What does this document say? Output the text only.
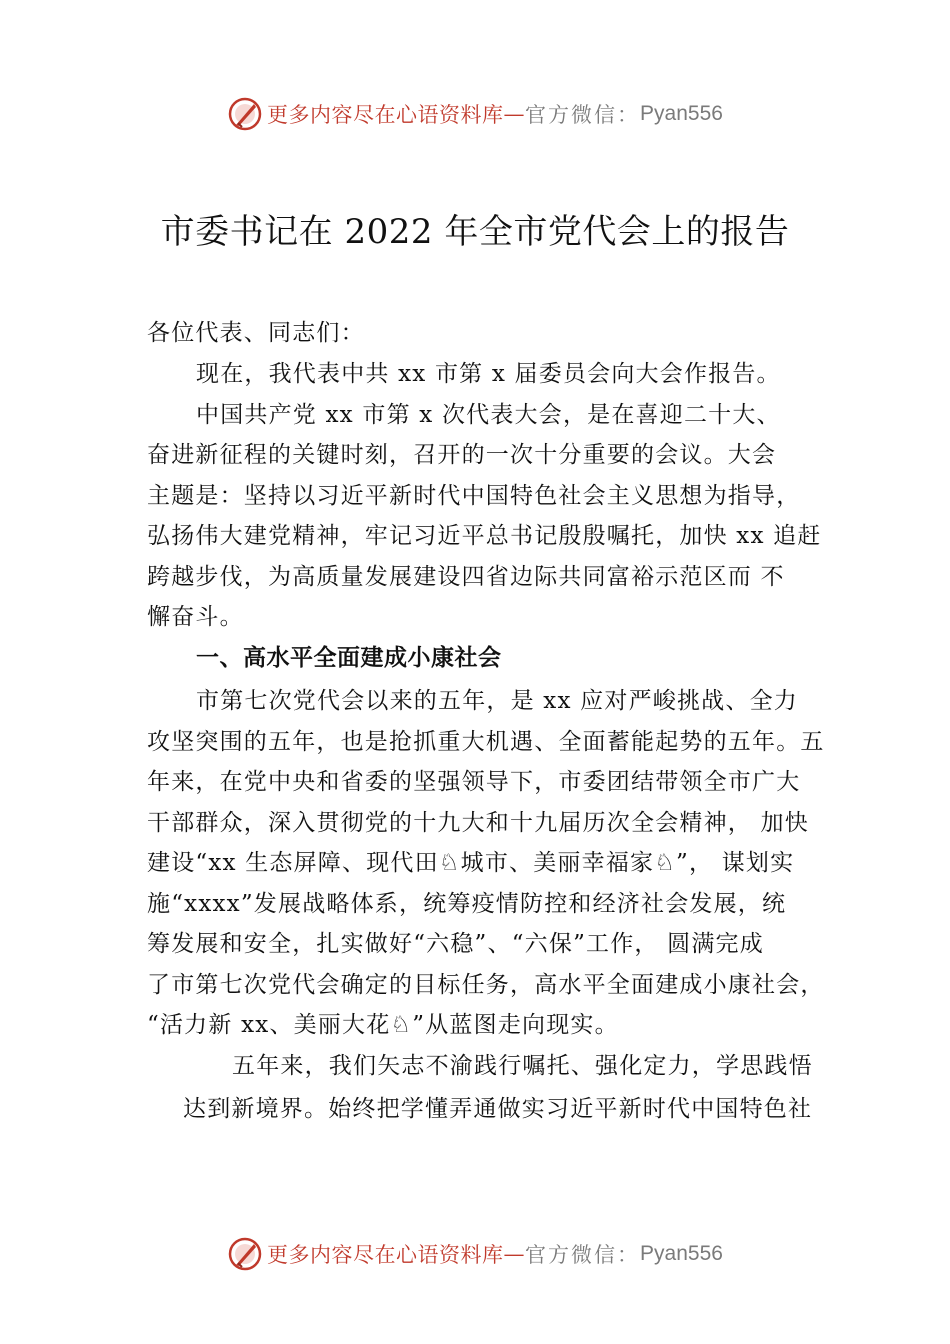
更多内容尽在心语资料库 — 官方微信： Pyan556
市委书记在 2022 年全市党代会上的报告
各位代表、同志们：
现在，我代表中共 xx 市第 x 届委员会向大会作报告。
中国共产党 xx 市第 x 次代表大会，是在喜迎二十大、
奋进新征程的关键时刻，召开的一次十分重要的会议。大会
主题是：坚持以习近平新时代中国特色社会主义思想为指导，
弘扬伟大建党精神，牢记习近平总书记殷殷嘱托，加快 xx 追赶
跨越步伐，为高质量发展建设四省边际共同富裕示范区而 不
懈奋斗。
一、高水平全面建成小康社会
市第七次党代会以来的五年，是 xx 应对严峻挑战、全力
攻坚突围的五年，也是抢抓重大机遇、全面蓄能起势的五年。五
年来，在党中央和省委的坚强领导下，市委团结带领全市广大
干部群众，深入贯彻党的十九大和十九届历次全会精神， 加快
建设“xx 生态屏障、现代田♘城市、美丽幸福家♘”， 谋划实
施“xxxx”发展战略体系，统筹疫情防控和经济社会发展，统
筹发展和安全，扎实做好“六稳”、“六保”工作， 圆满完成
了市第七次党代会确定的目标任务，高水平全面建成小康社会，
“活力新 xx、美丽大花♘”从蓝图走向现实。
五年来，我们矢志不渝践行嘱托、强化定力，学思践悟
达到新境界。始终把学懂弄通做实习近平新时代中国特色社
更多内容尽在心语资料库 — 官方微信： Pyan556
